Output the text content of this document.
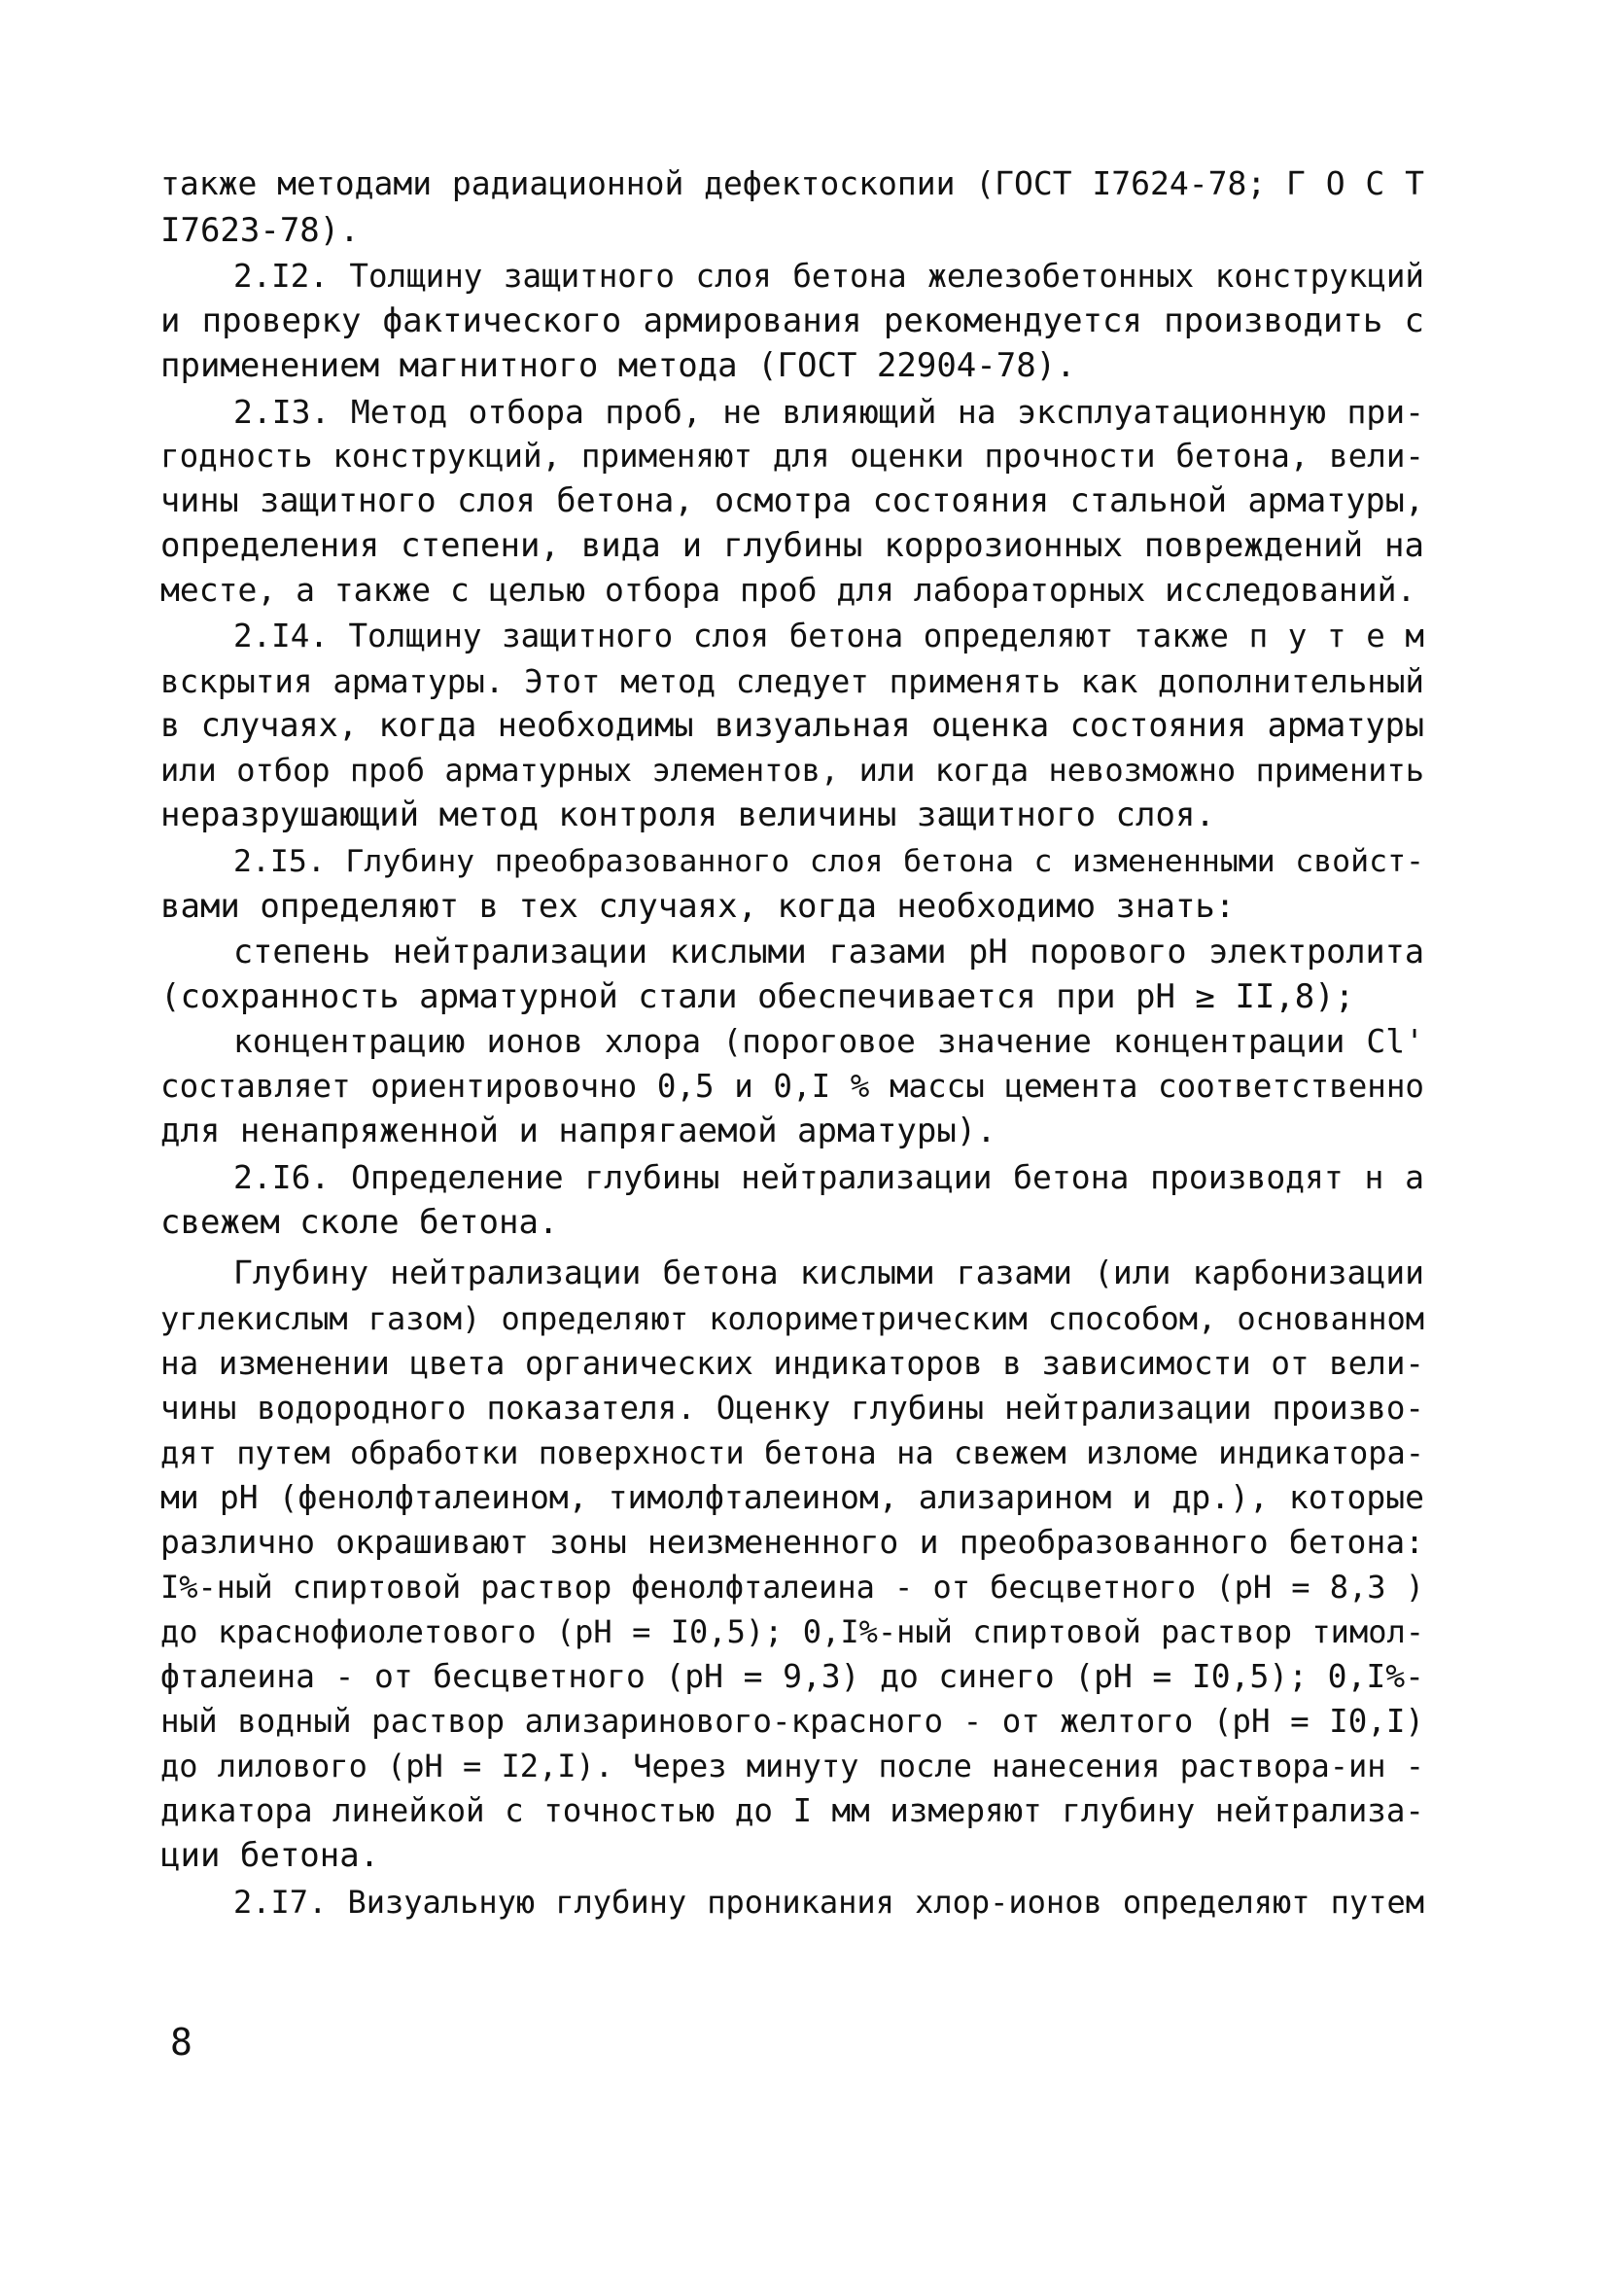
также методами радиационной дефектоскопии (ГОСТ I7624-78; Г О С Т
I7623-78).
2.I2. Толщину защитного слоя бетона железобетонных конструкций
и проверку фактического армирования рекомендуется производить с
применением магнитного метода (ГОСТ 22904-78).
2.I3. Метод отбора проб, не влияющий на эксплуатационную при-
годность конструкций, применяют для оценки прочности бетона, вели-
чины защитного слоя бетона, осмотра состояния стальной арматуры,
определения степени, вида и глубины коррозионных повреждений на
месте, а также с целью отбора проб для лабораторных исследований.
2.I4. Толщину защитного слоя бетона определяют также п у т е м
вскрытия арматуры. Этот метод следует применять как дополнительный
в случаях, когда необходимы визуальная оценка состояния арматуры
или отбор проб арматурных элементов, или когда невозможно применить
неразрушающий метод контроля величины защитного слоя.
2.I5. Глубину преобразованного слоя бетона с измененными свойст-
вами определяют в тех случаях, когда необходимо знать:
степень нейтрализации кислыми газами pH порового электролита
(сохранность арматурной стали обеспечивается при pH ≥ II,8);
концентрацию ионов хлора (пороговое значение концентрации Cl'
составляет ориентировочно 0,5 и 0,I % массы цемента соответственно
для ненапряженной и напрягаемой арматуры).
2.I6. Определение глубины нейтрализации бетона производят н а
свежем сколе бетона.
Глубину нейтрализации бетона кислыми газами (или карбонизации
углекислым газом) определяют колориметрическим способом, основанном
на изменении цвета органических индикаторов в зависимости от вели-
чины водородного показателя. Оценку глубины нейтрализации произво-
дят путем обработки поверхности бетона на свежем изломе индикатора-
ми pH (фенолфталеином, тимолфталеином, ализарином и др.), которые
различно окрашивают зоны неизмененного и преобразованного бетона:
I%-ный спиртовой раствор фенолфталеина - от бесцветного (pH = 8,3 )
до краснофиолетового (pH = I0,5); 0,I%-ный спиртовой раствор тимол-
фталеина - от бесцветного (pH = 9,3) до синего (pH = I0,5); 0,I%-
ный водный раствор ализаринового-красного - от желтого (pH = I0,I)
до лилового (pH = I2,I). Через минуту после нанесения раствора-ин -
дикатора линейкой с точностью до I мм измеряют глубину нейтрализа-
ции бетона.
2.I7. Визуальную глубину проникания хлор-ионов определяют путем
8
